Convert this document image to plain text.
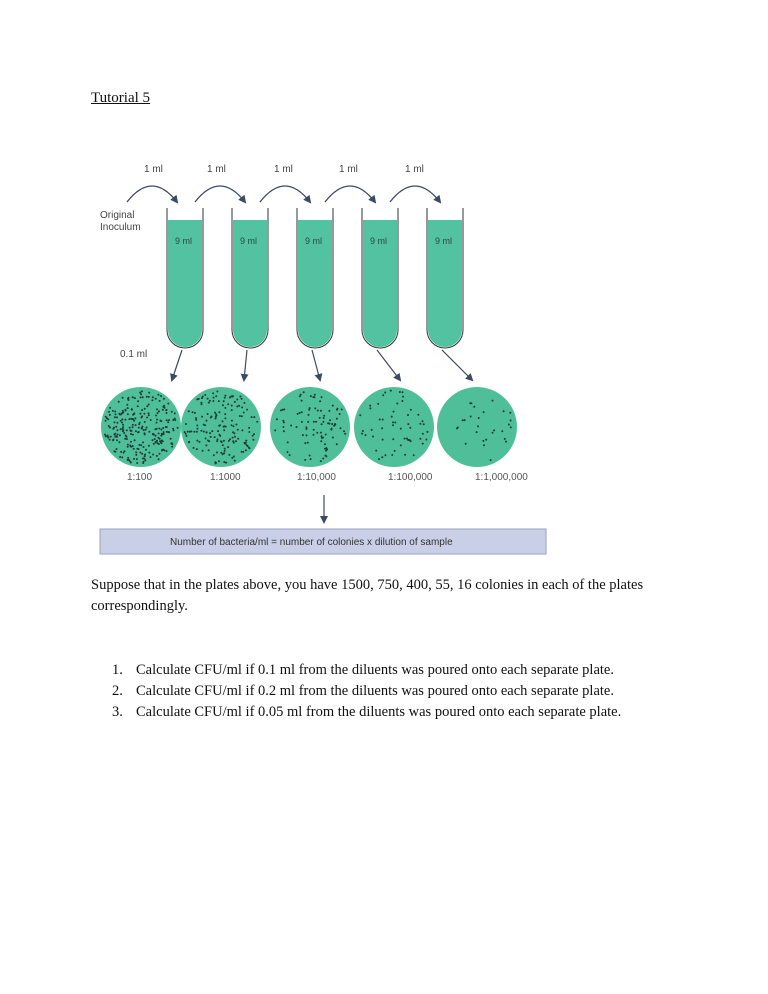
Tutorial 5
1 ml	1 ml	1 ml	1 ml	1 ml
Original
Inoculum
9 ml	9 ml	9 ml	9 ml	9 ml
0.1 ml
1:100	1:1000	1:10,000	1:100,000	1:1,000,000
Number of bacteria/ml = number of colonies x dilution of sample
Suppose that in the plates above, you have 1500, 750, 400, 55, 16 colonies in each of the plates correspondingly.
1. Calculate CFU/ml if 0.1 ml from the diluents was poured onto each separate plate.
2. Calculate CFU/ml if 0.2 ml from the diluents was poured onto each separate plate.
3. Calculate CFU/ml if 0.05 ml from the diluents was poured onto each separate plate.
